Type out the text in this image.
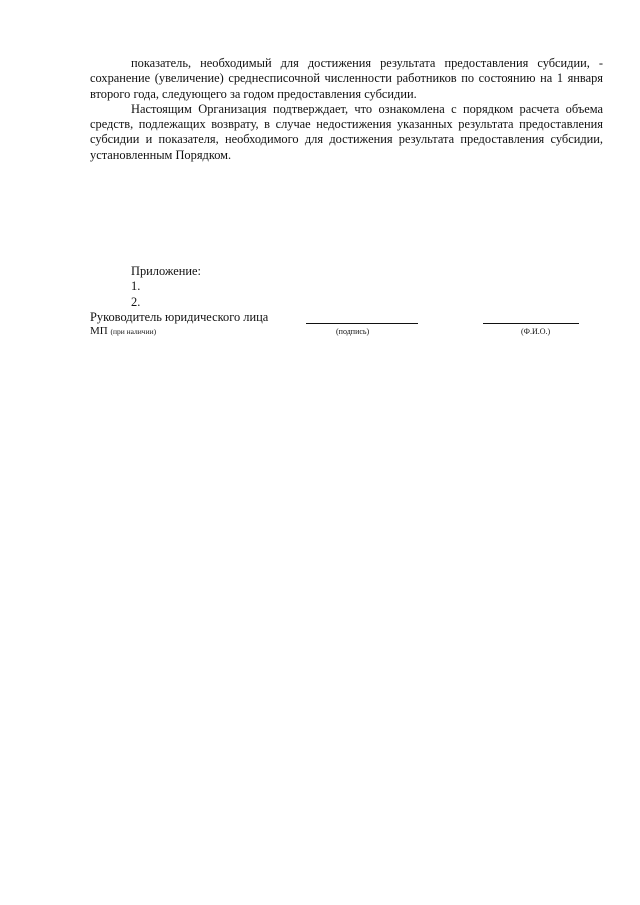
показатель, необходимый для достижения результата предоставления субсидии, - сохранение (увеличение) среднесписочной численности работников по состоянию на 1 января второго года, следующего за годом предоставления субсидии.

Настоящим Организация подтверждает, что ознакомлена с порядком расчета объема средств, подлежащих возврату, в случае недостижения указанных результата предоставления субсидии и показателя, необходимого для достижения результата предоставления субсидии, установленным Порядком.

Приложение:
1.
2.
Руководитель юридического лица
МП (при наличии)	(подпись)	(Ф.И.О.)
